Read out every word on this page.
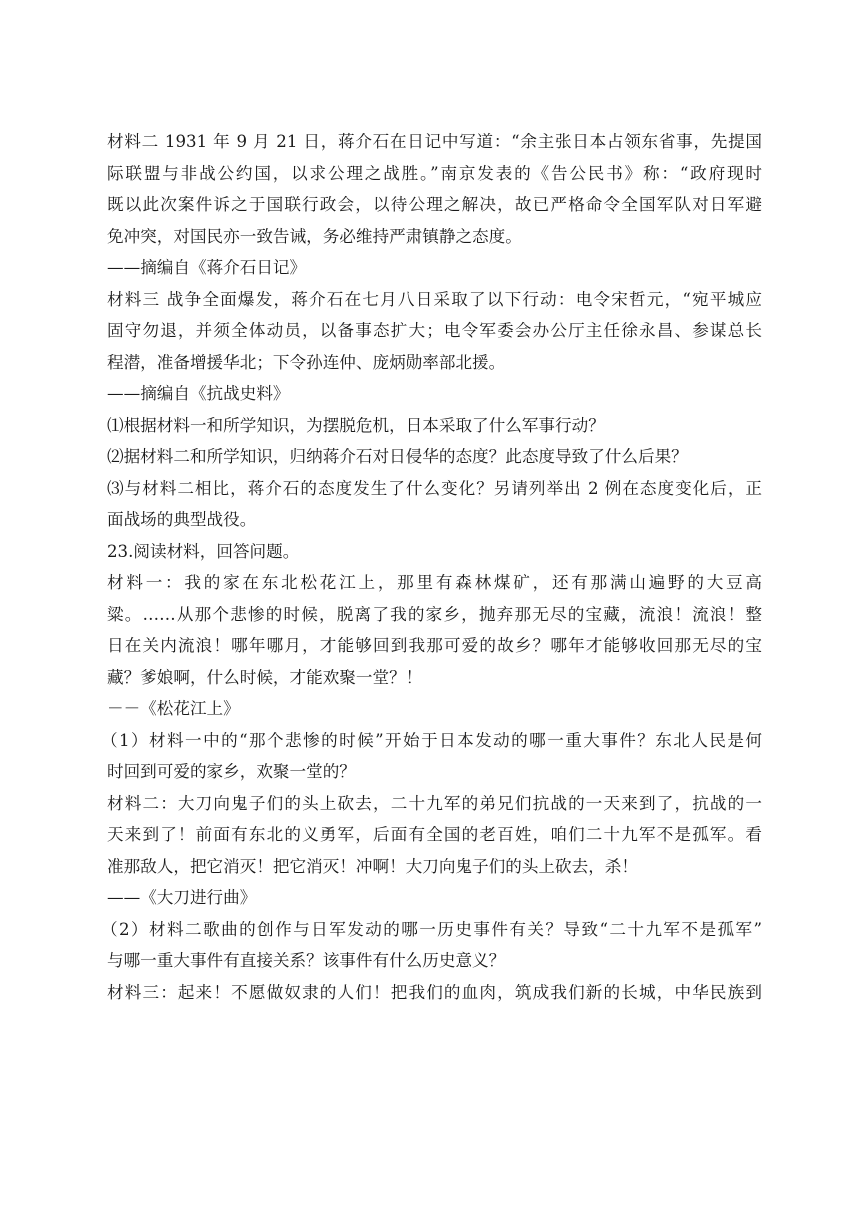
材料二 1931 年 9 月 21 日，蒋介石在日记中写道：“余主张日本占领东省事，先提国
际联盟与非战公约国，以求公理之战胜。”南京发表的《告公民书》称：“政府现时
既以此次案件诉之于国联行政会，以待公理之解决，故已严格命令全国军队对日军避
免冲突，对国民亦一致告诫，务必维持严肃镇静之态度。
——摘编自《蒋介石日记》
材料三 战争全面爆发，蒋介石在七月八日采取了以下行动：电令宋哲元，“宛平城应
固守勿退，并须全体动员，以备事态扩大；电令军委会办公厅主任徐永昌、参谋总长
程潜，准备增援华北；下令孙连仲、庞炳勋率部北援。
——摘编自《抗战史料》
⑴根据材料一和所学知识，为摆脱危机，日本采取了什么军事行动？
⑵据材料二和所学知识，归纳蒋介石对日侵华的态度？此态度导致了什么后果？
⑶与材料二相比，蒋介石的态度发生了什么变化？另请列举出 2 例在态度变化后，正
面战场的典型战役。
23.阅读材料，回答问题。
材料一：我的家在东北松花江上，那里有森林煤矿，还有那满山遍野的大豆高
粱。……从那个悲惨的时候，脱离了我的家乡，抛弃那无尽的宝藏，流浪！流浪！整
日在关内流浪！哪年哪月，才能够回到我那可爱的故乡？哪年才能够收回那无尽的宝
藏？爹娘啊，什么时候，才能欢聚一堂？！
－－《松花江上》
（1）材料一中的“那个悲惨的时候”开始于日本发动的哪一重大事件？东北人民是何
时回到可爱的家乡，欢聚一堂的？
材料二：大刀向鬼子们的头上砍去，二十九军的弟兄们抗战的一天来到了，抗战的一
天来到了！前面有东北的义勇军，后面有全国的老百姓，咱们二十九军不是孤军。看
准那敌人，把它消灭！把它消灭！冲啊！大刀向鬼子们的头上砍去，杀！
——《大刀进行曲》
（2）材料二歌曲的创作与日军发动的哪一历史事件有关？导致“二十九军不是孤军”
与哪一重大事件有直接关系？该事件有什么历史意义？
材料三：起来！不愿做奴隶的人们！把我们的血肉，筑成我们新的长城，中华民族到
